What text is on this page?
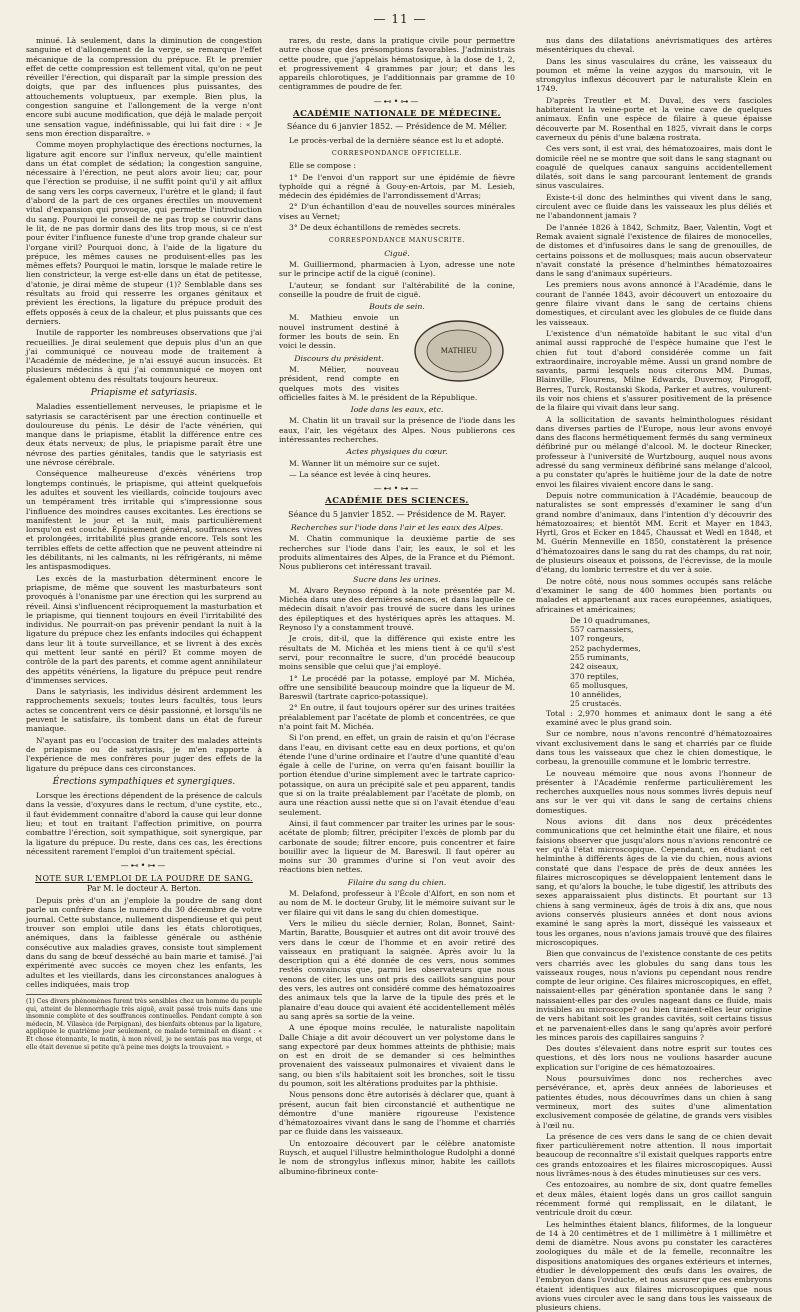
— 11 —

minué. Là seulement, dans la diminution de congestion sanguine et d'allongement de la verge, se remarque l'effet mécanique de la compression du prépuce. Et le premier effet de cette compression est tellement vital, qu'on ne peut réveiller l'érection, qui disparaît par la simple pression des doigts, que par des influences plus puissantes, des attouchements voluptueux, par exemple. Bien plus, la congestion sanguine et l'allongement de la verge n'ont encore subi aucune modification, que déjà le malade perçoit une sensation vague, indéfinissable, qui lui fait dire : « Je sens mon érection disparaître. »

Comme moyen prophylactique des érections nocturnes, la ligature agit encore sur l'influx nerveux, qu'elle maintient dans un état complet de sédation; la congestion sanguine, nécessaire à l'érection, ne peut alors avoir lieu; car, pour que l'érection se produise, il ne suffit point qu'il y ait afflux de sang vers les corps caverneux, l'urètre et le gland; il faut d'abord de la part de ces organes érectiles un mouvement vital d'expansion qui provoque, qui permette l'introduction du sang. Pourquoi le conseil de ne pas trop se couvrir dans le lit, de ne pas dormir dans des lits trop mous, si ce n'est pour éviter l'influence funeste d'une trop grande chaleur sur l'organe viril? Pourquoi donc, à l'aide de la ligature du prépuce, les mêmes causes ne produisent-elles pas les mêmes effets? Pourquoi le matin, lorsque le malade retire le lien constricteur, la verge est-elle dans un état de petitesse, d'atonie, je dirai même de stupeur (1)? Semblable dans ses résultats au froid qui resserre les organes génitaux et prévient les érections, la ligature du prépuce produit des effets opposés à ceux de la chaleur, et plus puissants que ces derniers.

Inutile de rapporter les nombreuses observations que j'ai recueillies. Je dirai seulement que depuis plus d'un an que j'ai communiqué ce nouveau mode de traitement à l'Académie de médecine, je n'ai essuyé aucun insuccès. Et plusieurs médecins à qui j'ai communiqué ce moyen ont également obtenu des résultats toujours heureux.

Priapisme et satyriasis.

Maladies essentiellement nerveuses, le priapisme et le satyriasis se caractérisent par une érection continuelle et douloureuse du pénis. Le désir de l'acte vénérien, qui manque dans le priapisme, établit la différence entre ces deux états nerveux; de plus, le priapisme paraît être une névrose des parties génitales, tandis que le satyriasis est une névrose cérébrale.

Conséquence malheureuse d'excès vénériens trop longtemps continués, le priapisme, qui atteint quelquefois les adultes et souvent les vieillards, coïncide toujours avec un tempérament très irritable qui s'impressionne sous l'influence des moindres causes excitantes. Les érections se manifestent le jour et la nuit, mais particulièrement lorsqu'on est couché. Épuisement général, souffrances vives et prolongées, irritabilité plus grande encore. Tels sont les terribles effets de cette affection que ne peuvent atteindre ni les débilitants, ni les calmants, ni les réfrigérants, ni même les antispasmodiques.

Les excès de la masturbation déterminent encore le priapisme, de même que souvent les masturbateurs sont provoqués à l'onanisme par une érection qui les surprend au réveil. Ainsi s'influencent réciproquement la masturbation et le priapisme, qui tiennent toujours en éveil l'irritabilité des individus. Ne pourrait-on pas prévenir pendant la nuit à la ligature du prépuce chez les enfants indociles qui échappent dans leur lit à toute surveillance, et se livrent à des excès qui mettent leur santé en péril? Et comme moyen de contrôle de la part des parents, et comme agent annihilateur des appétits vénériens, la ligature du prépuce peut rendre d'immenses services.

Dans le satyriasis, les individus désirent ardemment les rapprochements sexuels; toutes leurs facultés, tous leurs actes se concentrent vers ce désir passionné, et lorsqu'ils ne peuvent le satisfaire, ils tombent dans un état de fureur maniaque.

N'ayant pas eu l'occasion de traiter des malades atteints de priapisme ou de satyriasis, je m'en rapporte à l'expérience de mes confrères pour juger des effets de la ligature du prépuce dans ces circonstances.

Érections sympathiques et synergiques.

Lorsque les érections dépendent de la présence de calculs dans la vessie, d'oxyures dans le rectum, d'une cystite, etc., il faut évidemment connaître d'abord la cause qui leur donne lieu; et tout en traitant l'affection primitive, on pourra combattre l'érection, soit sympathique, soit synergique, par la ligature du prépuce. Du reste, dans ces cas, les érections nécessitent rarement l'emploi d'un traitement spécial.

—⊷•⊶—
NOTE SUR L'EMPLOI DE LA POUDRE DE SANG.
Par M. le docteur A. Berton.

Depuis près d'un an j'emploie la poudre de sang dont parle un confrère dans le numéro du 30 décembre de votre journal. Cette substance, nullement dispendieuse et qui peut trouver son emploi utile dans les états chlorotiques, anémiques, dans la faiblesse générale ou asthénie consécutive aux maladies graves, consiste tout simplement dans du sang de bœuf desséché au bain marie et tamisé. J'ai expérimenté avec succès ce moyen chez les enfants, les adultes et les vieillards, dans les circonstances analogues à celles indiquées, mais trop

(1) Ces divers phénomènes furent très sensibles chez un homme du peuple qui, atteint de blennorrhagie très aiguë, avait passé trois nuits dans une insomnie complète et des souffrances continuelles. Pendant compte à son médecin, M. Vilasèca (de Perpignan), des bienfaits obtenus par la ligature, appliquée le quatrième jour seulement, ce malade terminait en disant : « Et chose étonnante, le matin, à mon réveil, je ne sentais pas ma verge, et elle était devenue si petite qu'à peine mes doigts la trouvaient. »

rares, du reste, dans la pratique civile pour permettre autre chose que des présomptions favorables. J'administrais cette poudre, que j'appelais hématosique, à la dose de 1, 2, et progressivement 4 grammes par jour; et dans les appareils chlorotiques, je l'additionnais par gramme de 10 centigrammes de poudre de fer.

—⊷•⊶—
ACADÉMIE NATIONALE DE MÉDECINE.
Séance du 6 janvier 1852. — Présidence de M. Mélier.

Le procès-verbal de la dernière séance est lu et adopté.

CORRESPONDANCE OFFICIELLE.

Elle se compose :

1° De l'envoi d'un rapport sur une épidémie de fièvre typhoïde qui a régné à Gouy-en-Artois, par M. Lesieh, médecin des épidémies de l'arrondissement d'Arras;

2° D'un échantillon d'eau de nouvelles sources minérales vises au Vernet;

3° De deux échantillons de remèdes secrets.

CORRESPONDANCE MANUSCRITE.
Ciguë.

M. Guilliermond, pharmacien à Lyon, adresse une note sur le principe actif de la ciguë (conine).

L'auteur, se fondant sur l'altérabilité de la conine, conseille la poudre de fruit de ciguë.

Bouts de sein.
MATHIEU

M. Mathieu envoie un nouvel instrument destiné à former les bouts de sein. En voici le dessin.

Discours du président.

M. Mélier, nouveau président, rend compte en quelques mots des visites officielles faites à M. le président de la République.

Iode dans les eaux, etc.

M. Chatin lit un travail sur la présence de l'iode dans les eaux, l'air, les végétaux des Alpes. Nous publierons ces intéressantes recherches.

Actes physiques du cœur.

M. Wanner lit un mémoire sur ce sujet.

— La séance est levée à cinq heures.

—⊷•⊶—
ACADÉMIE DES SCIENCES.
Séance du 5 janvier 1852. — Présidence de M. Rayer.
Recherches sur l'iode dans l'air et les eaux des Alpes.

M. Chatin communique la deuxième partie de ses recherches sur l'iode dans l'air, les eaux, le sol et les produits alimentaires des Alpes, de la France et du Piémont. Nous publierons cet intéressant travail.

Sucre dans les urines.

M. Alvaro Reynoso répond à la note présentée par M. Michéa dans une des dernières séances, et dans laquelle ce médecin disait n'avoir pas trouvé de sucre dans les urines des épileptiques et des hystériques après les attaques. M. Reynoso l'y a constamment trouvé.

Je crois, dit-il, que la différence qui existe entre les résultats de M. Michéa et les miens tient à ce qu'il s'est servi, pour reconnaître le sucre, d'un procédé beaucoup moins sensible que celui que j'ai employé.

1° Le procédé par la potasse, employé par M. Michéa, offre une sensibilité beaucoup moindre que la liqueur de M. Bareswil (tartrate caprico-potassique).

2° En outre, il faut toujours opérer sur des urines traitées préalablement par l'acétate de plomb et concentrées, ce que n'a point fait M. Michéa.

Si l'on prend, en effet, un grain de raisin et qu'on l'écrase dans l'eau, en divisant cette eau en deux portions, et qu'on étende l'une d'urine ordinaire et l'autre d'une quantité d'eau égale à celle de l'urine, on verra qu'en faisant bouillir la portion étendue d'urine simplement avec le tartrate caprico-potassique, on aura un précipité sale et peu apparent, tandis que si on la traite préalablement par l'acétate de plomb, on aura une réaction aussi nette que si on l'avait étendue d'eau seulement.

Ainsi, il faut commencer par traiter les urines par le sous-acétate de plomb; filtrer, précipiter l'excès de plomb par du carbonate de soude; filtrer encore, puis concentrer et faire bouillir avec la liqueur de M. Bareswil. Il faut opérer au moins sur 30 grammes d'urine si l'on veut avoir des réactions bien nettes.

Filaire du sang du chien.

M. Delafond, professeur à l'École d'Alfort, en son nom et au nom de M. le docteur Gruby, lit le mémoire suivant sur le ver filaire qui vit dans le sang du chien domestique.

Vers le milieu du siècle dernier, Rolan, Bonnet, Saint-Martin, Baratte, Bousquier et autres ont dit avoir trouvé des vers dans le cœur de l'homme et en avoir retiré des vaisseaux en pratiquant la saignée. Après avoir lu la description qui a été donnée de ces vers, nous sommes restés convaincus que, parmi les observateurs que nous venons de citer, les uns ont pris des caillots sanguins pour des vers, les autres ont considéré comme des hématozoaires des animaux tels que la larve de la tipule des prés et le planaire d'eau douce qui avaient été accidentellement mêlés au sang après sa sortie de la veine.

A une époque moins reculée, le naturaliste napolitain Dalle Chiaje a dit avoir découvert un ver polystome dans le sang expectoré par deux hommes atteints de phthisie; mais on est en droit de se demander si ces helminthes provenaient des vaisseaux pulmonaires et vivaient dans le sang, ou bien s'ils habitaient soit les bronches, soit le tissu du poumon, soit les altérations produites par la phthisie.

Nous pensons donc être autorisés à déclarer que, quant à présent, aucun fait bien circonstancié et authentique ne démontre d'une manière rigoureuse l'existence d'hématozoaires vivant dans le sang de l'homme et charriés par ce fluide dans les vaisseaux.

Un entozoaire découvert par le célèbre anatomiste Ruysch, et auquel l'illustre helminthologue Rudolphi a donné le nom de strongylus inflexus minor, habite les caillots albumino-fibrineux conte-

nus dans des dilatations anévrismatiques des artères mésentériques du cheval.

Dans les sinus vasculaires du crâne, les vaisseaux du poumon et même la veine azygos du marsouin, vit le strongylus inflexus découvert par le naturaliste Klein en 1749.

D'après Treutler et M. Duval, des vers fascioles habiteraient la veine-porte et la veine cave de quelques animaux. Enfin une espèce de filaire à queue épaisse découverte par M. Rosenthal en 1825, vivrait dans le corps caverneux du pénis d'une balæna rostrata.

Ces vers sont, il est vrai, des hématozoaires, mais dont le domicile réel ne se montre que soit dans le sang stagnant ou coagulé de quelques canaux sanguins accidentellement dilatés, soit dans le sang parcourant lentement de grands sinus vasculaires.

Existe-t-il donc des helminthes qui vivent dans le sang, circulent avec ce fluide dans les vaisseaux les plus déliés et ne l'abandonnent jamais ?

De l'année 1826 à 1842, Schmitz, Baer, Valentin, Vogt et Remak avaient signalé l'existence de filaires de monocelles, de distomes et d'infusoires dans le sang de grenouilles, de certains poissons et de mollusques; mais aucun observateur n'avait constaté la présence d'helminthes hématozoaires dans le sang d'animaux supérieurs.

Les premiers nous avons annoncé à l'Académie, dans le courant de l'année 1843, avoir découvert un entozoaire du genre filaire vivant dans le sang de certains chiens domestiques, et circulant avec les globules de ce fluide dans les vaisseaux.

L'existence d'un nématoïde habitant le suc vital d'un animal aussi rapproché de l'espèce humaine que l'est le chien fut tout d'abord considérée comme un fait extraordinaire, incroyable même. Aussi un grand nombre de savants, parmi lesquels nous citerons MM. Dumas, Blainville, Flourens, Milne Edwards, Duvernoy, Pirogoff, Berres, Turck, Rostanski Skoda, Parker et autres, voulurent-ils voir nos chiens et s'assurer positivement de la présence de la filaire qui vivait dans leur sang.

A la sollicitation de savants helminthologues résidant dans diverses parties de l'Europe, nous leur avons envoyé dans des flacons hermétiquement fermés du sang vermineux défibriné pur ou mélangé d'alcool. M. le docteur Rinecker, professeur à l'université de Wurtzbourg, auquel nous avons adressé du sang vermineux défibriné sans mélange d'alcool, a pu constater qu'après le huitième jour de la date de notre envoi les filaires vivaient encore dans le sang.

Depuis notre communication à l'Académie, beaucoup de naturalistes se sont empressés d'examiner le sang d'un grand nombre d'animaux, dans l'intention d'y découvrir des hématozoaires; et bientôt MM. Ecrit et Mayer en 1843, Hyrtl, Gros et Ecker en 1845, Chaussat et Wedl en 1848, et M. Guérin Menneville en 1850, constatèrent la présence d'hématozoaires dans le sang du rat des champs, du rat noir, de plusieurs oiseaux et poissons, de l'écrevisse, de la moule d'étang, du lombric terrestre et du ver à soie.

De notre côté, nous nous sommes occupés sans relâche d'examiner le sang de 400 hommes bien portants ou malades et appartenant aux races européennes, asiatiques, africaines et américaines;

De 10 quadrumanes,
557 carnassiers,
107 rongeurs,
252 pachydermes,
255 ruminants,
242 oiseaux,
370 reptiles,
65 mollusques,
10 annélides,
25 crustacés.
Total : 2,970 hommes et animaux dont le sang a été examiné avec le plus grand soin.

Sur ce nombre, nous n'avons rencontré d'hématozoaires vivant exclusivement dans le sang et charriés par ce fluide dans tous les vaisseaux que chez le chien domestique, le corbeau, la grenouille commune et le lombric terrestre.

Le nouveau mémoire que nous avons l'honneur de présenter à l'Académie renferme particulièrement les recherches auxquelles nous nous sommes livrés depuis neuf ans sur le ver qui vit dans le sang de certains chiens domestiques.

Nous avions dit dans nos deux précédentes communications que cet helminthe était une filaire, et nous faisions observer que jusqu'alors nous n'avions rencontré ce ver qu'à l'état microscopique. Cependant, en étudiant cet helminthe à différents âges de la vie du chien, nous avions constaté que dans l'espace de près de deux années les filaires microscopiques se développaient lentement dans le sang, et qu'alors la bouche, le tube digestif, les attributs des sexes apparaissaient plus distincts. Et pourtant sur 13 chiens à sang vermineux, âgés de trois à dix ans, que nous avions conservés plusieurs années et dont nous avions examiné le sang après la mort, disséqué les vaisseaux et tous les organes, nous n'avions jamais trouvé que des filaires microscopiques.

Bien que convaincus de l'existence constante de ces petits vers charriés avec les globules du sang dans tous les vaisseaux rouges, nous n'avions pu cependant nous rendre compte de leur origine. Ces filaires microscopiques, en effet, naissaient-elles par génération spontanée dans le sang ? naissaient-elles par des ovules nageant dans ce fluide, mais invisibles au microscope? ou bien tiraient-elles leur origine de vers habitant soit les grandes cavités, soit certains tissus et ne parvenaient-elles dans le sang qu'après avoir perforé les minces parois des capillaires sanguins ?

Des doutes s'élevaient dans notre esprit sur toutes ces questions, et dès lors nous ne voulions hasarder aucune explication sur l'origine de ces hématozoaires.

Nous poursuivîmes donc nos recherches avec persévérance, et, après deux années de laborieuses et patientes études, nous découvrîmes dans un chien à sang vermineux, mort des suites d'une alimentation exclusivement composée de gélatine, de grands vers visibles à l'œil nu.

La présence de ces vers dans le sang de ce chien devait fixer particulièrement notre attention. Il nous importait beaucoup de reconnaître s'il existait quelques rapports entre ces grands entozoaires et les filaires microscopiques. Aussi nous livrâmes-nous à des études minutieuses sur ces vers.

Ces entozoaires, au nombre de six, dont quatre femelles et deux mâles, étaient logés dans un gros caillot sanguin récemment formé qui remplissait, en le dilatant, le ventricule droit du cœur.

Les helminthes étaient blancs, filiformes, de la longueur de 14 à 20 centimètres et de 1 millimètre à 1 millimètre et demi de diamètre. Nous avons pu constater les caractères zoologiques du mâle et de la femelle, reconnaître les dispositions anatomiques des organes extérieurs et internes, étudier le développement des œufs dans les ovaires, de l'embryon dans l'oviducte, et nous assurer que ces embryons étaient identiques aux filaires microscopiques que nous avions vues circuler avec le sang dans tous les vaisseaux de plusieurs chiens.
